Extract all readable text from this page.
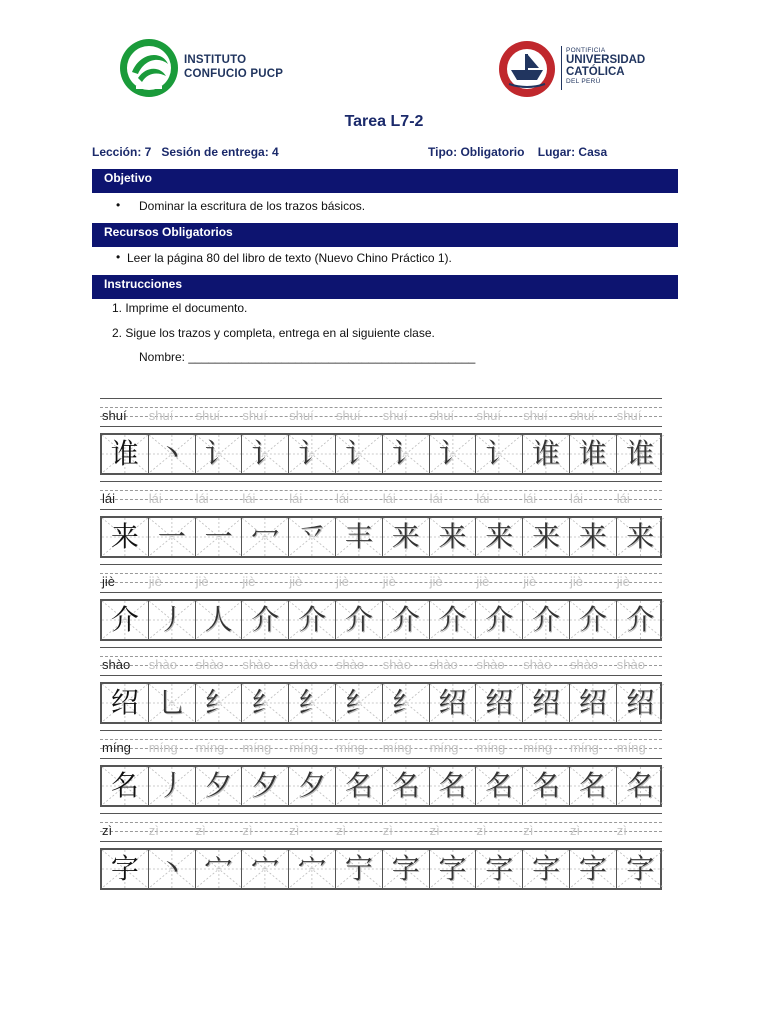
INSTITUTO
CONFUCIO PUCP
PONTIFICIA
UNIVERSIDAD
CATÓLICA
DEL PERÚ
Tarea L7-2
Lección: 7   Sesión de entrega: 4	Tipo: Obligatorio    Lugar: Casa
Objetivo
• Dominar la escritura de los trazos básicos.
Recursos Obligatorios
• Leer la página 80 del libro de texto (Nuevo Chino Práctico 1).
Instrucciones
1. Imprime el documento.
2. Sigue los trazos y completa, entrega en al siguiente clase.
Nombre: ___________________________________________
shuí	shuí	shuí	shuí	shuí	shuí	shuí	shuí	shuí	shuí	shuí	shuí
谁 丶 讠 讠 讠 讠 讠 讠 讠 谁 谁 谁
lái	lái	lái	lái	lái	lái	lái	lái	lái	lái	lái	lái
来 一 一 冖 乊 丰 来 来 来 来 来 来
jiè	jiè	jiè	jiè	jiè	jiè	jiè	jiè	jiè	jiè	jiè	jiè
介 丿 人 介 介 介 介 介 介 介 介 介
shào	shào	shào	shào	shào	shào	shào	shào	shào	shào	shào	shào
绍 乚 纟 纟 纟 纟 纟 绍 绍 绍 绍 绍
míng	míng	míng	míng	míng	míng	míng	míng	míng	míng	míng	míng
名 丿 夕 夕 夕 名 名 名 名 名 名 名
zì	zì	zì	zì	zì	zì	zì	zì	zì	zì	zì	zì
字 丶 宀 宀 宀 宁 字 字 字 字 字 字
